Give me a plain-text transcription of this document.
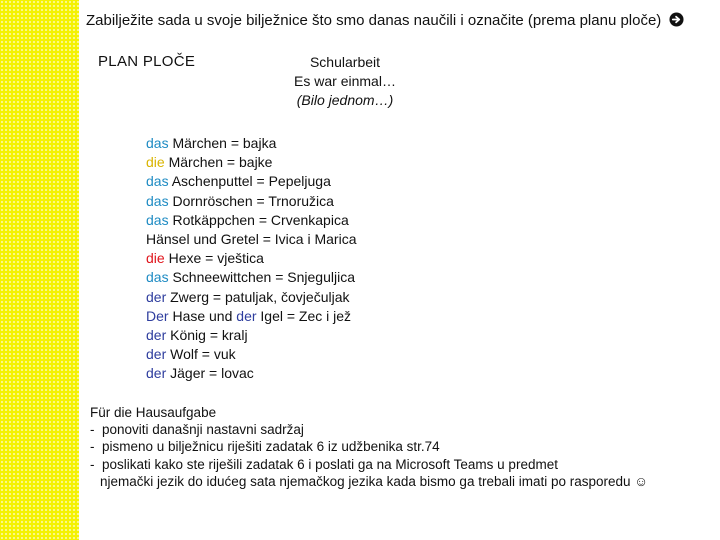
Zabilježite sada u svoje bilježnice što smo danas naučili i označite (prema planu ploče)
PLAN PLOČE	Schularbeit
Es war einmal…
(Bilo jednom…)
das Märchen = bajka
die Märchen = bajke
das Aschenputtel = Pepeljuga
das Dornröschen = Trnoružica
das Rotkäppchen = Crvenkapica
Hänsel und Gretel = Ivica i Marica
die Hexe = vještica
das Schneewittchen = Snjeguljica
der Zwerg = patuljak, čovječuljak
Der Hase und der Igel = Zec i jež
der König = kralj
der Wolf = vuk
der Jäger = lovac
Für die Hausaufgabe
- ponoviti današnji nastavni sadržaj
- pismeno u bilježnicu riješiti zadatak 6 iz udžbenika str.74
- poslikati kako ste riješili zadatak 6 i poslati ga na Microsoft Teams u predmet
njemački jezik do idućeg sata njemačkog jezika kada bismo ga trebali imati po rasporedu ☺
